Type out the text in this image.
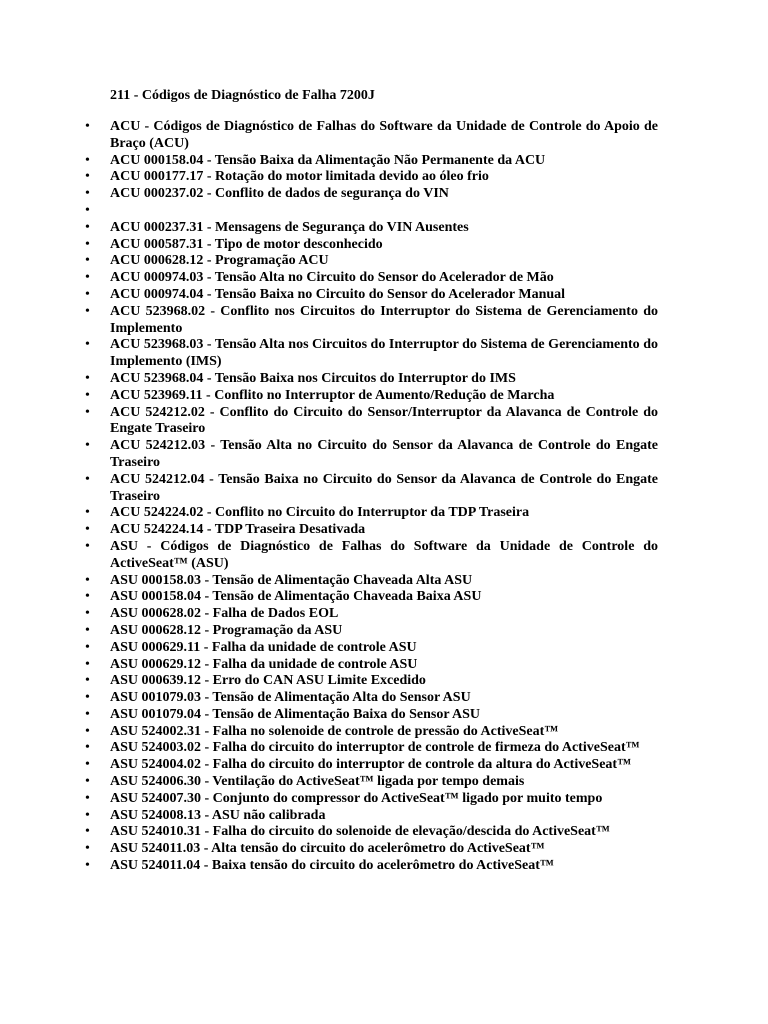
211 - Códigos de Diagnóstico de Falha 7200J

• ACU - Códigos de Diagnóstico de Falhas do Software da Unidade de Controle do Apoio de Braço (ACU)
• ACU 000158.04 - Tensão Baixa da Alimentação Não Permanente da ACU
• ACU 000177.17 - Rotação do motor limitada devido ao óleo frio
• ACU 000237.02 - Conflito de dados de segurança do VIN
•
• ACU 000237.31 - Mensagens de Segurança do VIN Ausentes
• ACU 000587.31 - Tipo de motor desconhecido
• ACU 000628.12 - Programação ACU
• ACU 000974.03 - Tensão Alta no Circuito do Sensor do Acelerador de Mão
• ACU 000974.04 - Tensão Baixa no Circuito do Sensor do Acelerador Manual
• ACU 523968.02 - Conflito nos Circuitos do Interruptor do Sistema de Gerenciamento do Implemento
• ACU 523968.03 - Tensão Alta nos Circuitos do Interruptor do Sistema de Gerenciamento do Implemento (IMS)
• ACU 523968.04 - Tensão Baixa nos Circuitos do Interruptor do IMS
• ACU 523969.11 - Conflito no Interruptor de Aumento/Redução de Marcha
• ACU 524212.02 - Conflito do Circuito do Sensor/Interruptor da Alavanca de Controle do Engate Traseiro
• ACU 524212.03 - Tensão Alta no Circuito do Sensor da Alavanca de Controle do Engate Traseiro
• ACU 524212.04 - Tensão Baixa no Circuito do Sensor da Alavanca de Controle do Engate Traseiro
• ACU 524224.02 - Conflito no Circuito do Interruptor da TDP Traseira
• ACU 524224.14 - TDP Traseira Desativada
• ASU - Códigos de Diagnóstico de Falhas do Software da Unidade de Controle do ActiveSeat™ (ASU)
• ASU 000158.03 - Tensão de Alimentação Chaveada Alta ASU
• ASU 000158.04 - Tensão de Alimentação Chaveada Baixa ASU
• ASU 000628.02 - Falha de Dados EOL
• ASU 000628.12 - Programação da ASU
• ASU 000629.11 - Falha da unidade de controle ASU
• ASU 000629.12 - Falha da unidade de controle ASU
• ASU 000639.12 - Erro do CAN ASU Limite Excedido
• ASU 001079.03 - Tensão de Alimentação Alta do Sensor ASU
• ASU 001079.04 - Tensão de Alimentação Baixa do Sensor ASU
• ASU 524002.31 - Falha no solenoide de controle de pressão do ActiveSeat™
• ASU 524003.02 - Falha do circuito do interruptor de controle de firmeza do ActiveSeat™
• ASU 524004.02 - Falha do circuito do interruptor de controle da altura do ActiveSeat™
• ASU 524006.30 - Ventilação do ActiveSeat™ ligada por tempo demais
• ASU 524007.30 - Conjunto do compressor do ActiveSeat™ ligado por muito tempo
• ASU 524008.13 - ASU não calibrada
• ASU 524010.31 - Falha do circuito do solenoide de elevação/descida do ActiveSeat™
• ASU 524011.03 - Alta tensão do circuito do acelerômetro do ActiveSeat™
• ASU 524011.04 - Baixa tensão do circuito do acelerômetro do ActiveSeat™
